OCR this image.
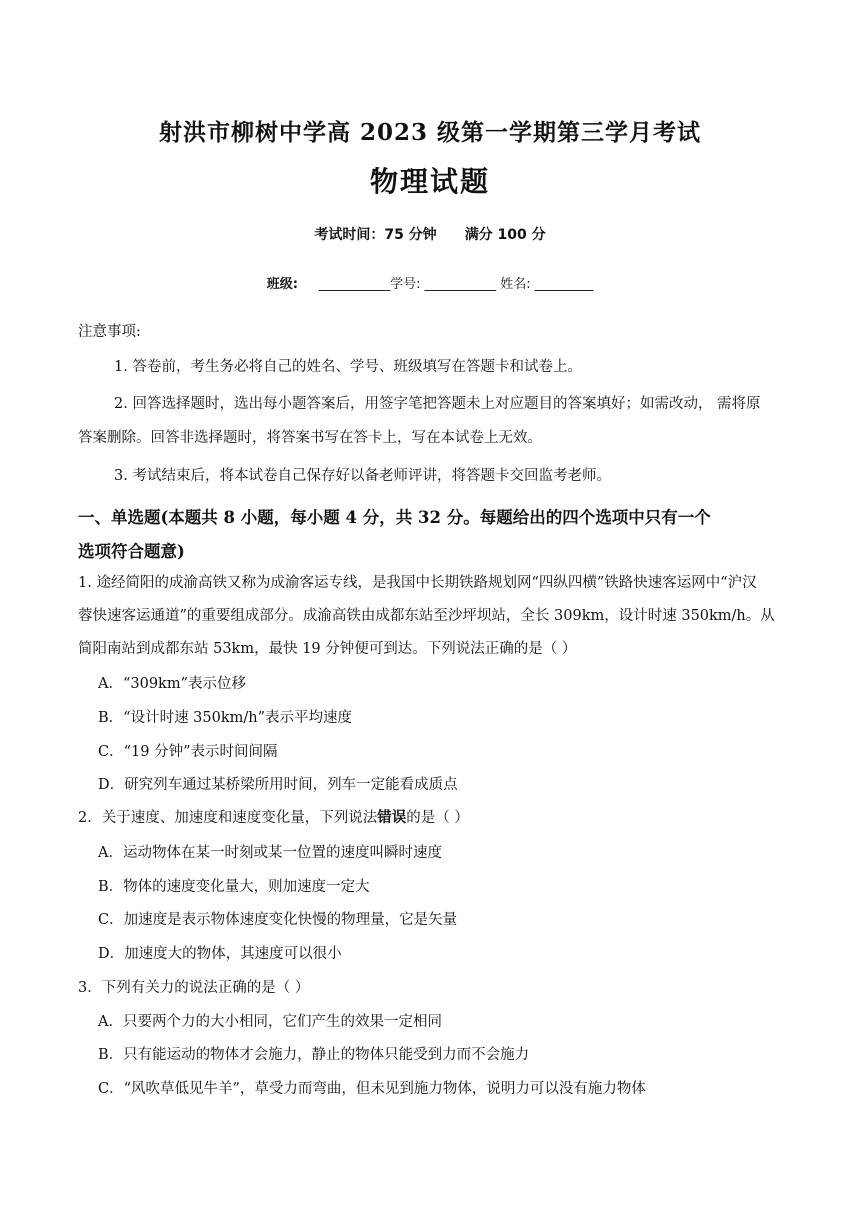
射洪市柳树中学高 2023 级第一学期第三学月考试
物理试题
考试时间：75 分钟 满分 100 分
班级: ___________学号: ___________ 姓名: _________
注意事项:
1. 答卷前，考生务必将自己的姓名、学号、班级填写在答题卡和试卷上。
2. 回答选择题时，选出每小题答案后，用签字笔把答题未上对应题目的答案填好；如需改动， 需将原
答案删除。回答非选择题时，将答案书写在答卡上，写在本试卷上无效。
3. 考试结束后，将本试卷自己保存好以备老师评讲，将答题卡交回监考老师。
一、单选题(本题共 8 小题，每小题 4 分，共 32 分。每题给出的四个选项中只有一个
选项符合题意)
1. 途经简阳的成渝高铁又称为成渝客运专线，是我国中长期铁路规划网“四纵四横”铁路快速客运网中“沪汉
蓉快速客运通道”的重要组成部分。成渝高铁由成都东站至沙坪坝站，全长 309km，设计时速 350km/h。从
简阳南站到成都东站 53km，最快 19 分钟便可到达。下列说法正确的是（ ）
A．“309km”表示位移
B．“设计时速 350km/h”表示平均速度
C．“19 分钟”表示时间间隔
D．研究列车通过某桥梁所用时间，列车一定能看成质点
2．关于速度、加速度和速度变化量，下列说法错误的是（ ）
A．运动物体在某一时刻或某一位置的速度叫瞬时速度
B．物体的速度变化量大，则加速度一定大
C．加速度是表示物体速度变化快慢的物理量，它是矢量
D．加速度大的物体，其速度可以很小
3．下列有关力的说法正确的是（ ）
A．只要两个力的大小相同，它们产生的效果一定相同
B．只有能运动的物体才会施力，静止的物体只能受到力而不会施力
C．“风吹草低见牛羊”，草受力而弯曲，但未见到施力物体，说明力可以没有施力物体
